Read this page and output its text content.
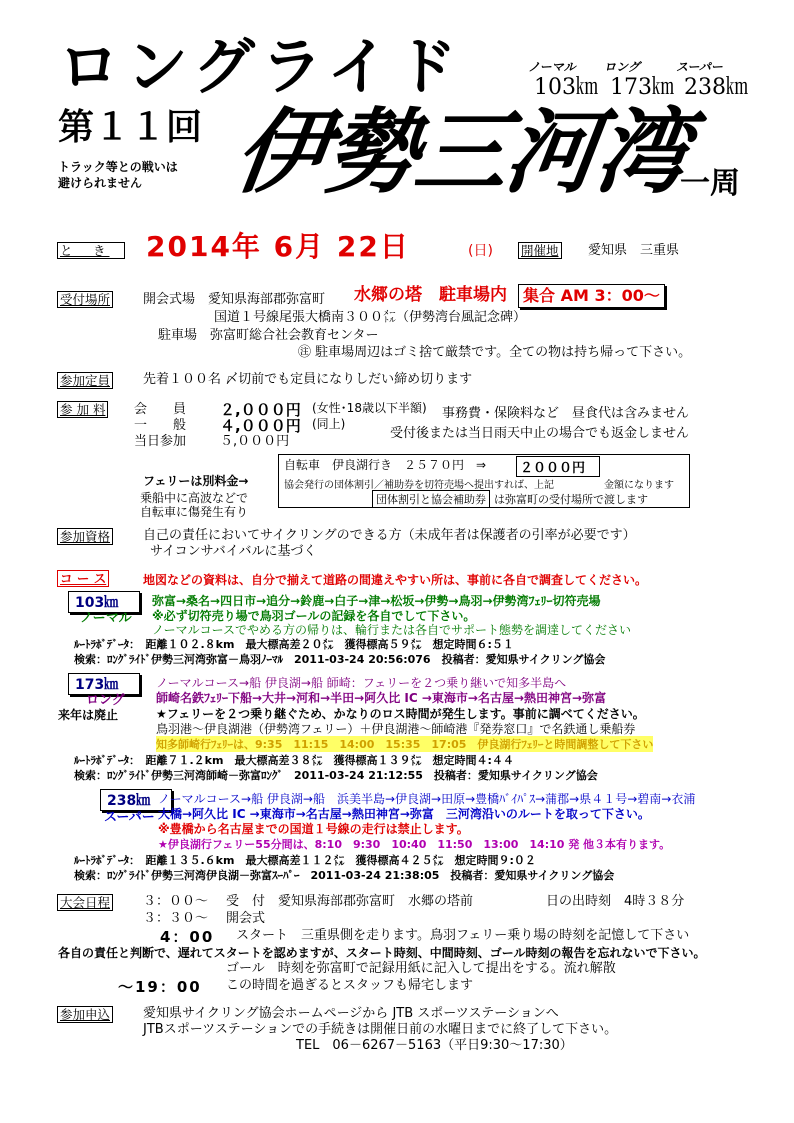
ロングライド	ノーマル ロング	スーパー
103㎞ 173㎞ 238㎞
第１１回
トラック等との戦いは
避けられません 伊勢三河湾
一周
と　き	2014年 6月 22日	(日) 開催地 愛知県　三重県
受付場所	開会式場　愛知県海部郡弥富町 水郷の塔　駐車場内	集合 AM 3：00～
国道１号線尾張大橋南３００㍍（伊勢湾台風記念碑）
駐車場　弥富町総合社会教育センター
㊟ 駐車場周辺はゴミ捨て厳禁です。全ての物は持ち帰って下さい。
参加定員	先着１００名 〆切前でも定員になりしだい締め切ります
参 加 料 会　　員 ２,０００円 (女性･18歳以下半額)
一　　般 ４,０００円 (同上)
当日参加	５,０００円
事務費・保険料など　昼食代は含みません
受付後または当日雨天中止の場合でも返金しません
フェリーは別料金→
乗船中に高波などで
自転車に傷発生有り
自転車　伊良湖行き　２５７０円　⇒	２０００円
協会発行の団体割引／補助券を切符売場へ提出すれば、上記	金額になります
団体割引と協会補助券 は弥富町の受付場所で渡します
参加資格	自己の責任においてサイクリングのできる方（未成年者は保護者の引率が必要です）
サイコンサバイバルに基づく
コ ー ス	地図などの資料は、自分で揃えて道路の間違えやすい所は、事前に各自で調査してください。
103㎞
ノーマル
弥富→桑名→四日市→追分→鈴鹿→白子→津→松坂→伊勢→鳥羽→伊勢湾ﾌｪﾘｰ切符売場
※必ず切符売り場で鳥羽ゴールの記録を各自でして下さい。
ノーマルコースでやめる方の帰りは、輪行または各自でサポート態勢を調達してください
ﾙｰﾄﾗﾎﾞﾃﾞｰﾀ：　距離１０２.８km　最大標高差２０㍍　獲得標高５９㍍　想定時間６:５１
検索：ﾛﾝｸﾞﾗｲﾄﾞ伊勢三河湾弥富－鳥羽ﾉｰﾏﾙ　2011-03-24 20:56:076　投稿者：愛知県サイクリング協会
173㎞
ロング
来年は廃止
ノーマルコース→船 伊良湖→船 師崎：フェリーを２つ乗り継いで知多半島へ
師崎名鉄ﾌｪﾘｰ下船→大井→河和→半田→阿久比 IC →東海市→名古屋→熱田神宮→弥富
★フェリーを２つ乗り継ぐため、かなりのロス時間が発生します。事前に調べてください。
鳥羽港～伊良湖港（伊勢湾フェリー）＋伊良湖港～師崎港『発券窓口』で名鉄通し乗船券
知多師崎行ﾌｪﾘｰは、9:35　11:15　14:00　15:35　17:05　伊良湖行ﾌｪﾘｰと時間調整して下さい
ﾙｰﾄﾗﾎﾞﾃﾞｰﾀ：　距離７１.２km　最大標高差３８㍍　獲得標高１３９㍍　想定時間４:４４
検索：ﾛﾝｸﾞﾗｲﾄﾞ伊勢三河湾師崎－弥富ﾛﾝｸﾞ　2011-03-24 21:12:55　投稿者：愛知県サイクリング協会
238㎞
スーパー
ノーマルコース→船 伊良湖→船　浜美半島→伊良湖→田原→豊橋ﾊﾞｲﾊﾟｽ→蒲郡→県４１号→碧南→衣浦
大橋→阿久比 IC →東海市→名古屋→熱田神宮→弥富　三河湾沿いのルートを取って下さい。
※豊橋から名古屋までの国道１号線の走行は禁止します。
★伊良湖行フェリー55分間は、8:10　9:30　10:40　11:50　13:00　14:10 発 他３本有ります。
ﾙｰﾄﾗﾎﾞﾃﾞｰﾀ：　距離１３５.６km　最大標高差１１２㍍　獲得標高４２５㍍　想定時間９:０２
検索：ﾛﾝｸﾞﾗｲﾄﾞ伊勢三河湾伊良湖－弥富ｽｰﾊﾟｰ　2011-03-24 21:38:05　投稿者：愛知県サイクリング協会
大会日程	３：００～ 受　付　愛知県海部郡弥富町　水郷の塔前	日の出時刻　4時３８分
３：３０～ 開会式
4：00 スタート　三重県側を走ります。鳥羽フェリー乗り場の時刻を記憶して下さい
各自の責任と判断で、遅れてスタートを認めますが、スタート時刻、中間時刻、ゴール時刻の報告を忘れないで下さい。
ゴール　時刻を弥富町で記録用紙に記入して提出をする。流れ解散
～19：00 この時間を過ぎるとスタッフも帰宅します
参加申込	愛知県サイクリング協会ホームページから JTB スポーツステーションへ
JTBスポーツステーションでの手続きは開催日前の水曜日までに終了して下さい。
TEL　06－6267－5163（平日9:30～17:30）
